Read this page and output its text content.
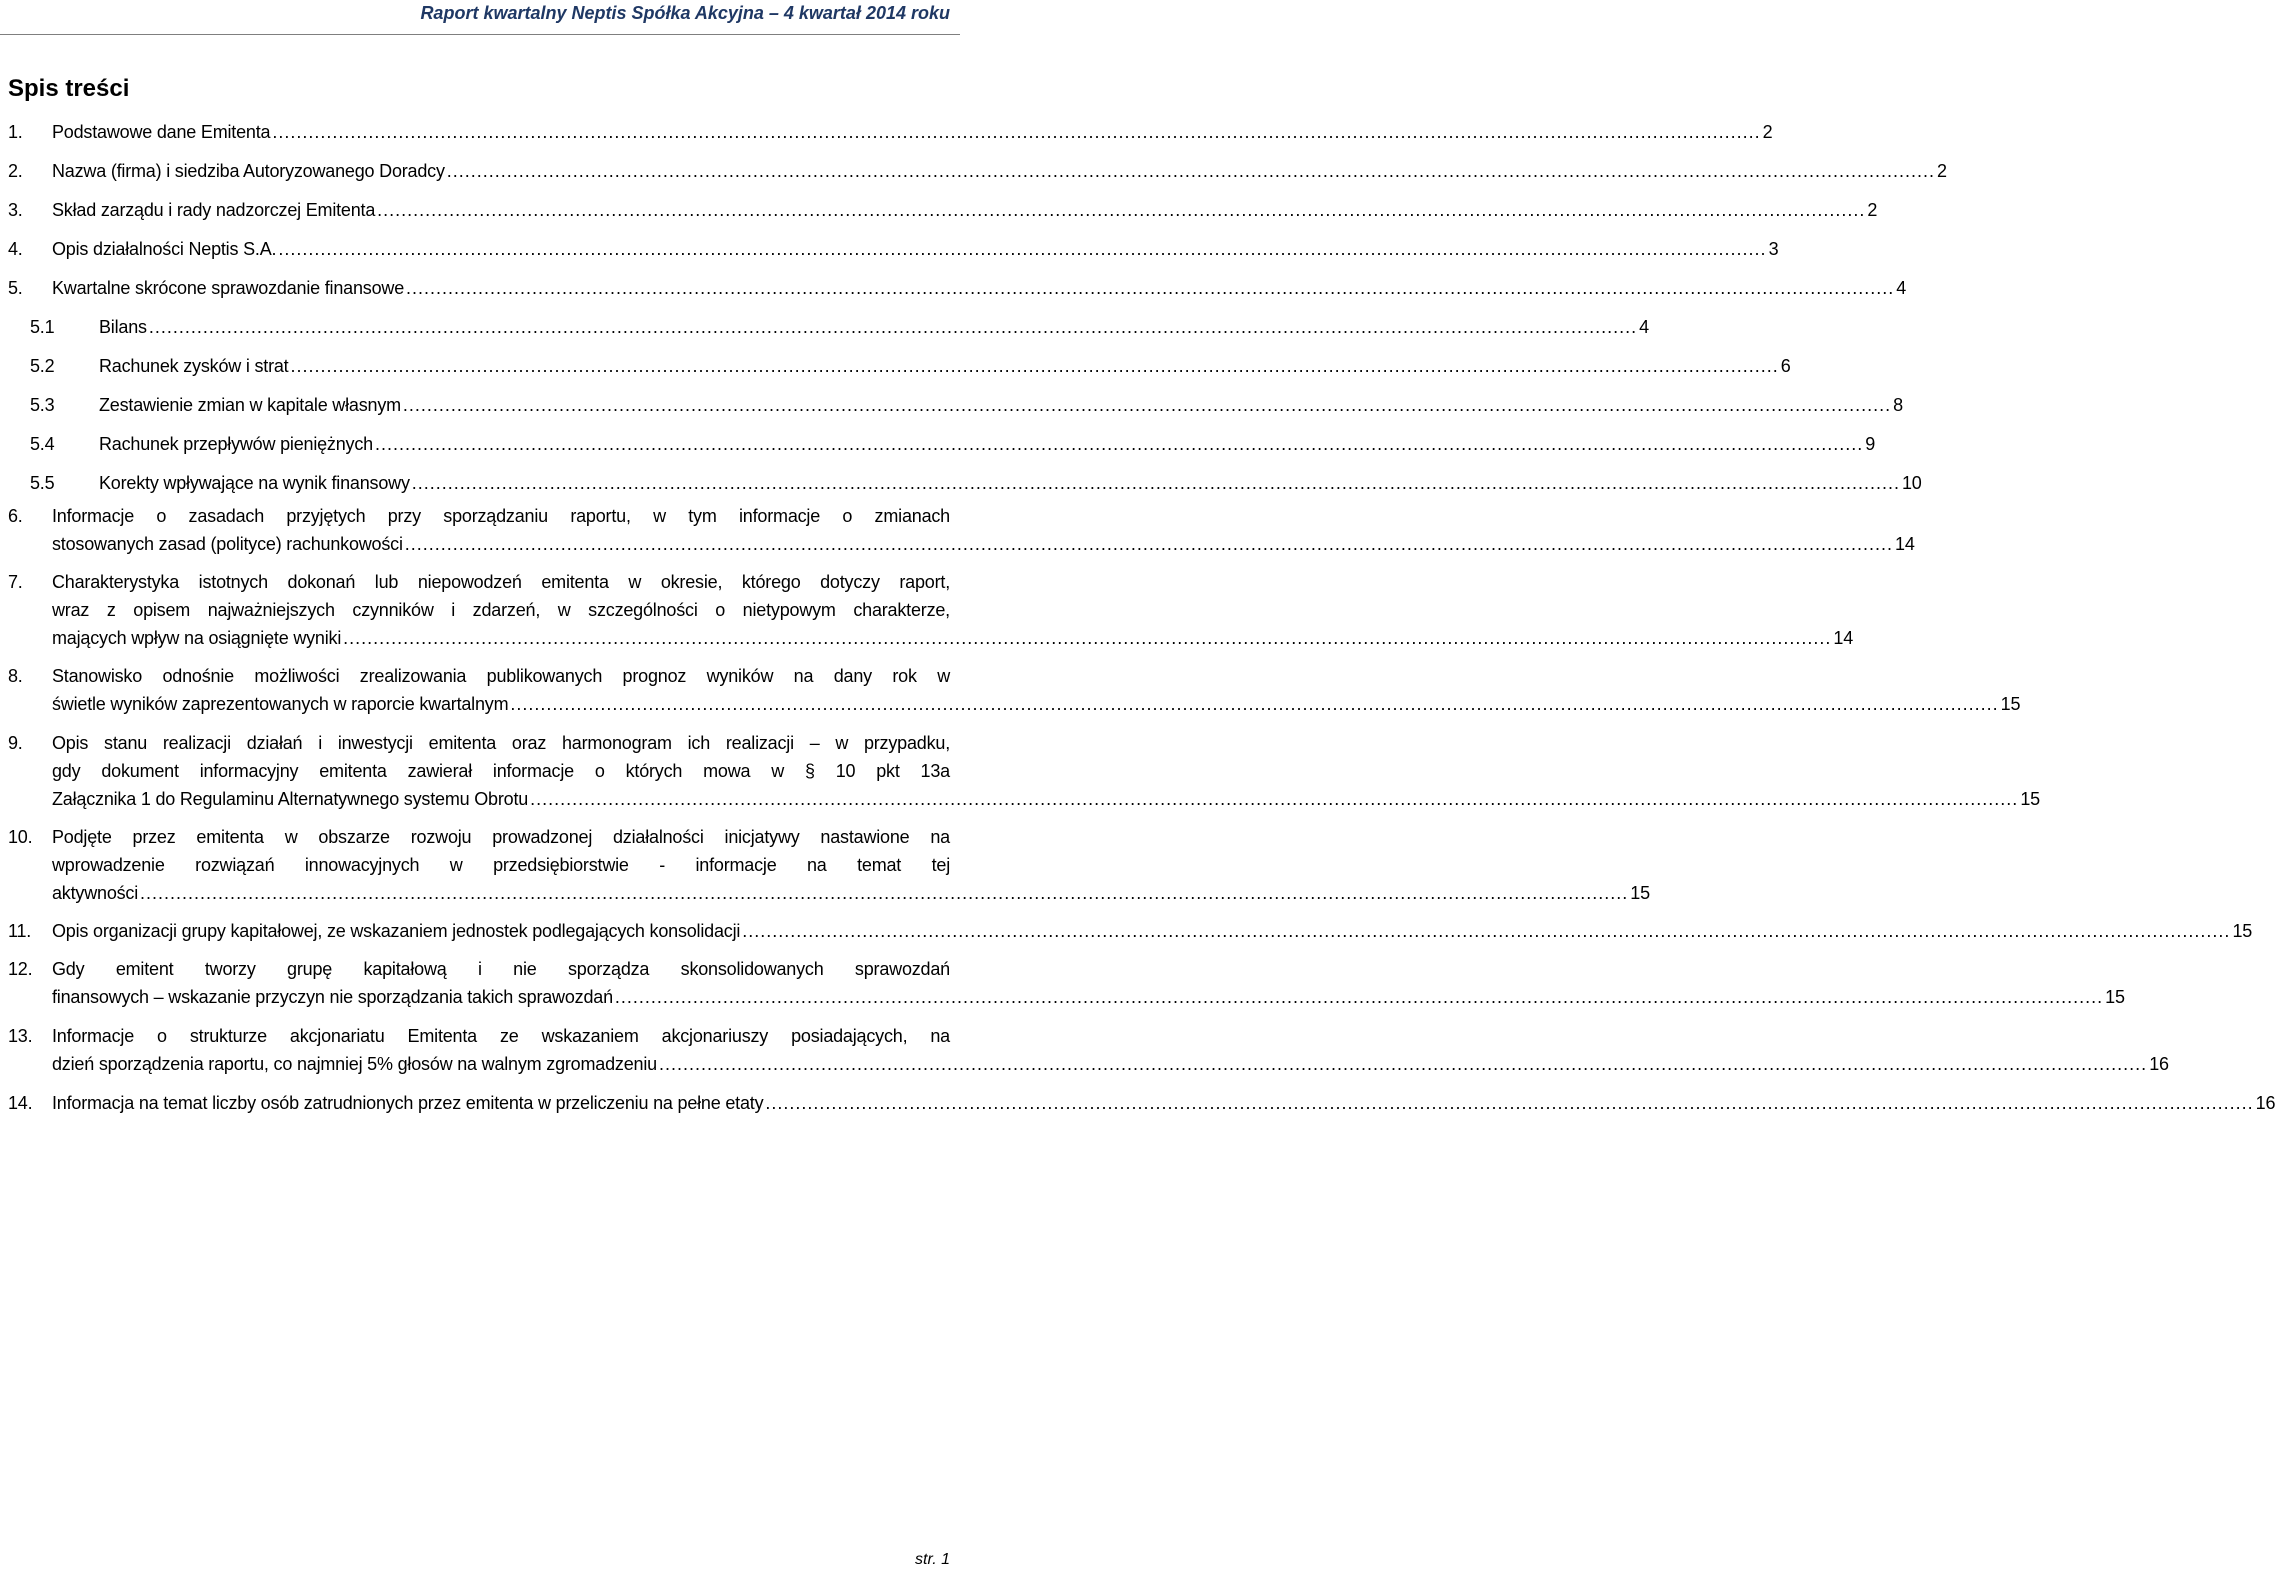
Raport kwartalny Neptis Spółka Akcyjna – 4 kwartał 2014 roku
Spis treści
1. Podstawowe dane Emitenta .....	2
2. Nazwa (firma) i siedziba Autoryzowanego Doradcy .....	2
3. Skład zarządu i rady nadzorczej Emitenta .....	2
4. Opis działalności Neptis S.A. .....	3
5. Kwartalne skrócone sprawozdanie finansowe .....	4
5.1 Bilans .....	4
5.2 Rachunek zysków i strat .....	6
5.3 Zestawienie zmian w kapitale własnym .....	8
5.4 Rachunek przepływów pieniężnych .....	9
5.5 Korekty wpływające na wynik finansowy .....	10
6. Informacje o zasadach przyjętych przy sporządzaniu raportu, w tym informacje o zmianach
stosowanych zasad (polityce) rachunkowości .....	14
7. Charakterystyka istotnych dokonań lub niepowodzeń emitenta w okresie, którego dotyczy raport,
wraz z opisem najważniejszych czynników i zdarzeń, w szczególności o nietypowym charakterze,
mających wpływ na osiągnięte wyniki .....	14
8. Stanowisko odnośnie możliwości zrealizowania publikowanych prognoz wyników na dany rok w
świetle wyników zaprezentowanych w raporcie kwartalnym .....	15
9. Opis stanu realizacji działań i inwestycji emitenta oraz harmonogram ich realizacji – w przypadku,
gdy dokument informacyjny emitenta zawierał informacje o których mowa w § 10 pkt 13a
Załącznika 1 do Regulaminu Alternatywnego systemu Obrotu .....	15
10. Podjęte przez emitenta w obszarze rozwoju prowadzonej działalności inicjatywy nastawione na
wprowadzenie rozwiązań innowacyjnych w przedsiębiorstwie - informacje na temat tej
aktywności .....	15
11. Opis organizacji grupy kapitałowej, ze wskazaniem jednostek podlegających konsolidacji .....	15
12. Gdy emitent tworzy grupę kapitałową i nie sporządza skonsolidowanych sprawozdań
finansowych – wskazanie przyczyn nie sporządzania takich sprawozdań .....	15
13. Informacje o strukturze akcjonariatu Emitenta ze wskazaniem akcjonariuszy posiadających, na
dzień sporządzenia raportu, co najmniej 5% głosów na walnym zgromadzeniu .....	16
14. Informacja na temat liczby osób zatrudnionych przez emitenta w przeliczeniu na pełne etaty .....	16
str. 1
